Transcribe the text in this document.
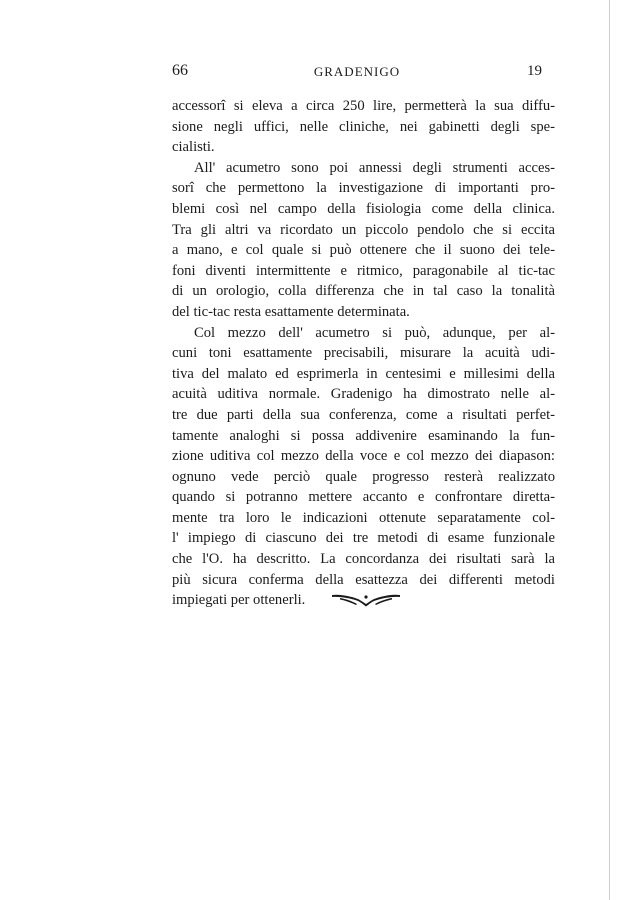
66	GRADENIGO	19
accessorî si eleva a circa 250 lire, permetterà la sua diffu-
sione negli uffici, nelle cliniche, nei gabinetti degli spe-
cialisti.
All' acumetro sono poi annessi degli strumenti acces-
sorî che permettono la investigazione di importanti pro-
blemi così nel campo della fisiologia come della clinica.
Tra gli altri va ricordato un piccolo pendolo che si eccita
a mano, e col quale si può ottenere che il suono dei tele-
foni diventi intermittente e ritmico, paragonabile al tic-tac
di un orologio, colla differenza che in tal caso la tonalità
del tic-tac resta esattamente determinata.
Col mezzo dell' acumetro si può, adunque, per al-
cuni toni esattamente precisabili, misurare la acuità udi-
tiva del malato ed esprimerla in centesimi e millesimi della
acuità uditiva normale. Gradenigo ha dimostrato nelle al-
tre due parti della sua conferenza, come a risultati perfet-
tamente analoghi si possa addivenire esaminando la fun-
zione uditiva col mezzo della voce e col mezzo dei diapason:
ognuno vede perciò quale progresso resterà realizzato
quando si potranno mettere accanto e confrontare diretta-
mente tra loro le indicazioni ottenute separatamente col-
l' impiego di ciascuno dei tre metodi di esame funzionale
che l'O. ha descritto. La concordanza dei risultati sarà la
più sicura conferma della esattezza dei differenti metodi
impiegati per ottenerli.
